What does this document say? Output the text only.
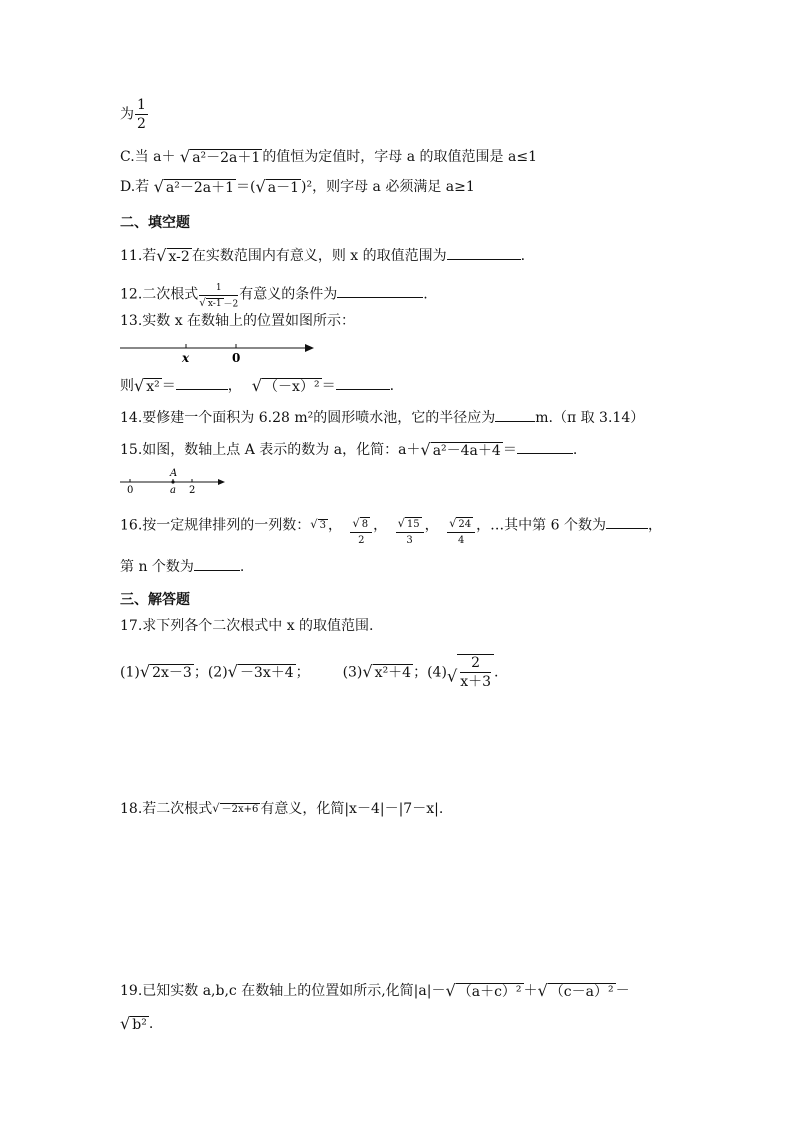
为 $\frac{1}{2}$
C.当 a＋ √ a²－2a＋1 的值恒为定值时，字母 a 的取值范围是 a≤1
D.若 √ a²－2a＋1 ＝(√ a－1 )²，则字母 a 必须满足 a≥1
二、填空题
11.若√ x-2 在实数范围内有意义，则 x 的取值范围为	.
12.二次根式 $\frac{1}{√ x-1 -2}$ 有意义的条件为	.
13.实数 x 在数轴上的位置如图所示：
x	0
则√ x² ＝	， √ （－x）² ＝	.
14.要修建一个面积为 6.28 m²的圆形喷水池，它的半径应为	m.（π 取 3.14）
15.如图，数轴上点 A 表示的数为 a，化简：a＋√ a²－4a＋4 ＝	.
A
0	a 2
16.按一定规律排列的一列数：√ 3 ， $\frac{√ 8}{2}$ ， $\frac{√ 15}{3}$ ， $\frac{√ 24}{4}$ ，…其中第 6 个数为	，
第 n 个数为	.
三、解答题
17.求下列各个二次根式中 x 的取值范围.
(1)√ 2x－3 ；(2)√ －3x＋4 ； (3)√ x²＋4 ；$(4)√ \frac{2}{x+3}$ .
18.若二次根式√ －2x+6 有意义，化简|x－4|－|7－x|.
19.已知实数 a,b,c 在数轴上的位置如所示,化简|a|－√ （a＋c）² ＋√ （c－a）² －
√ b² .
